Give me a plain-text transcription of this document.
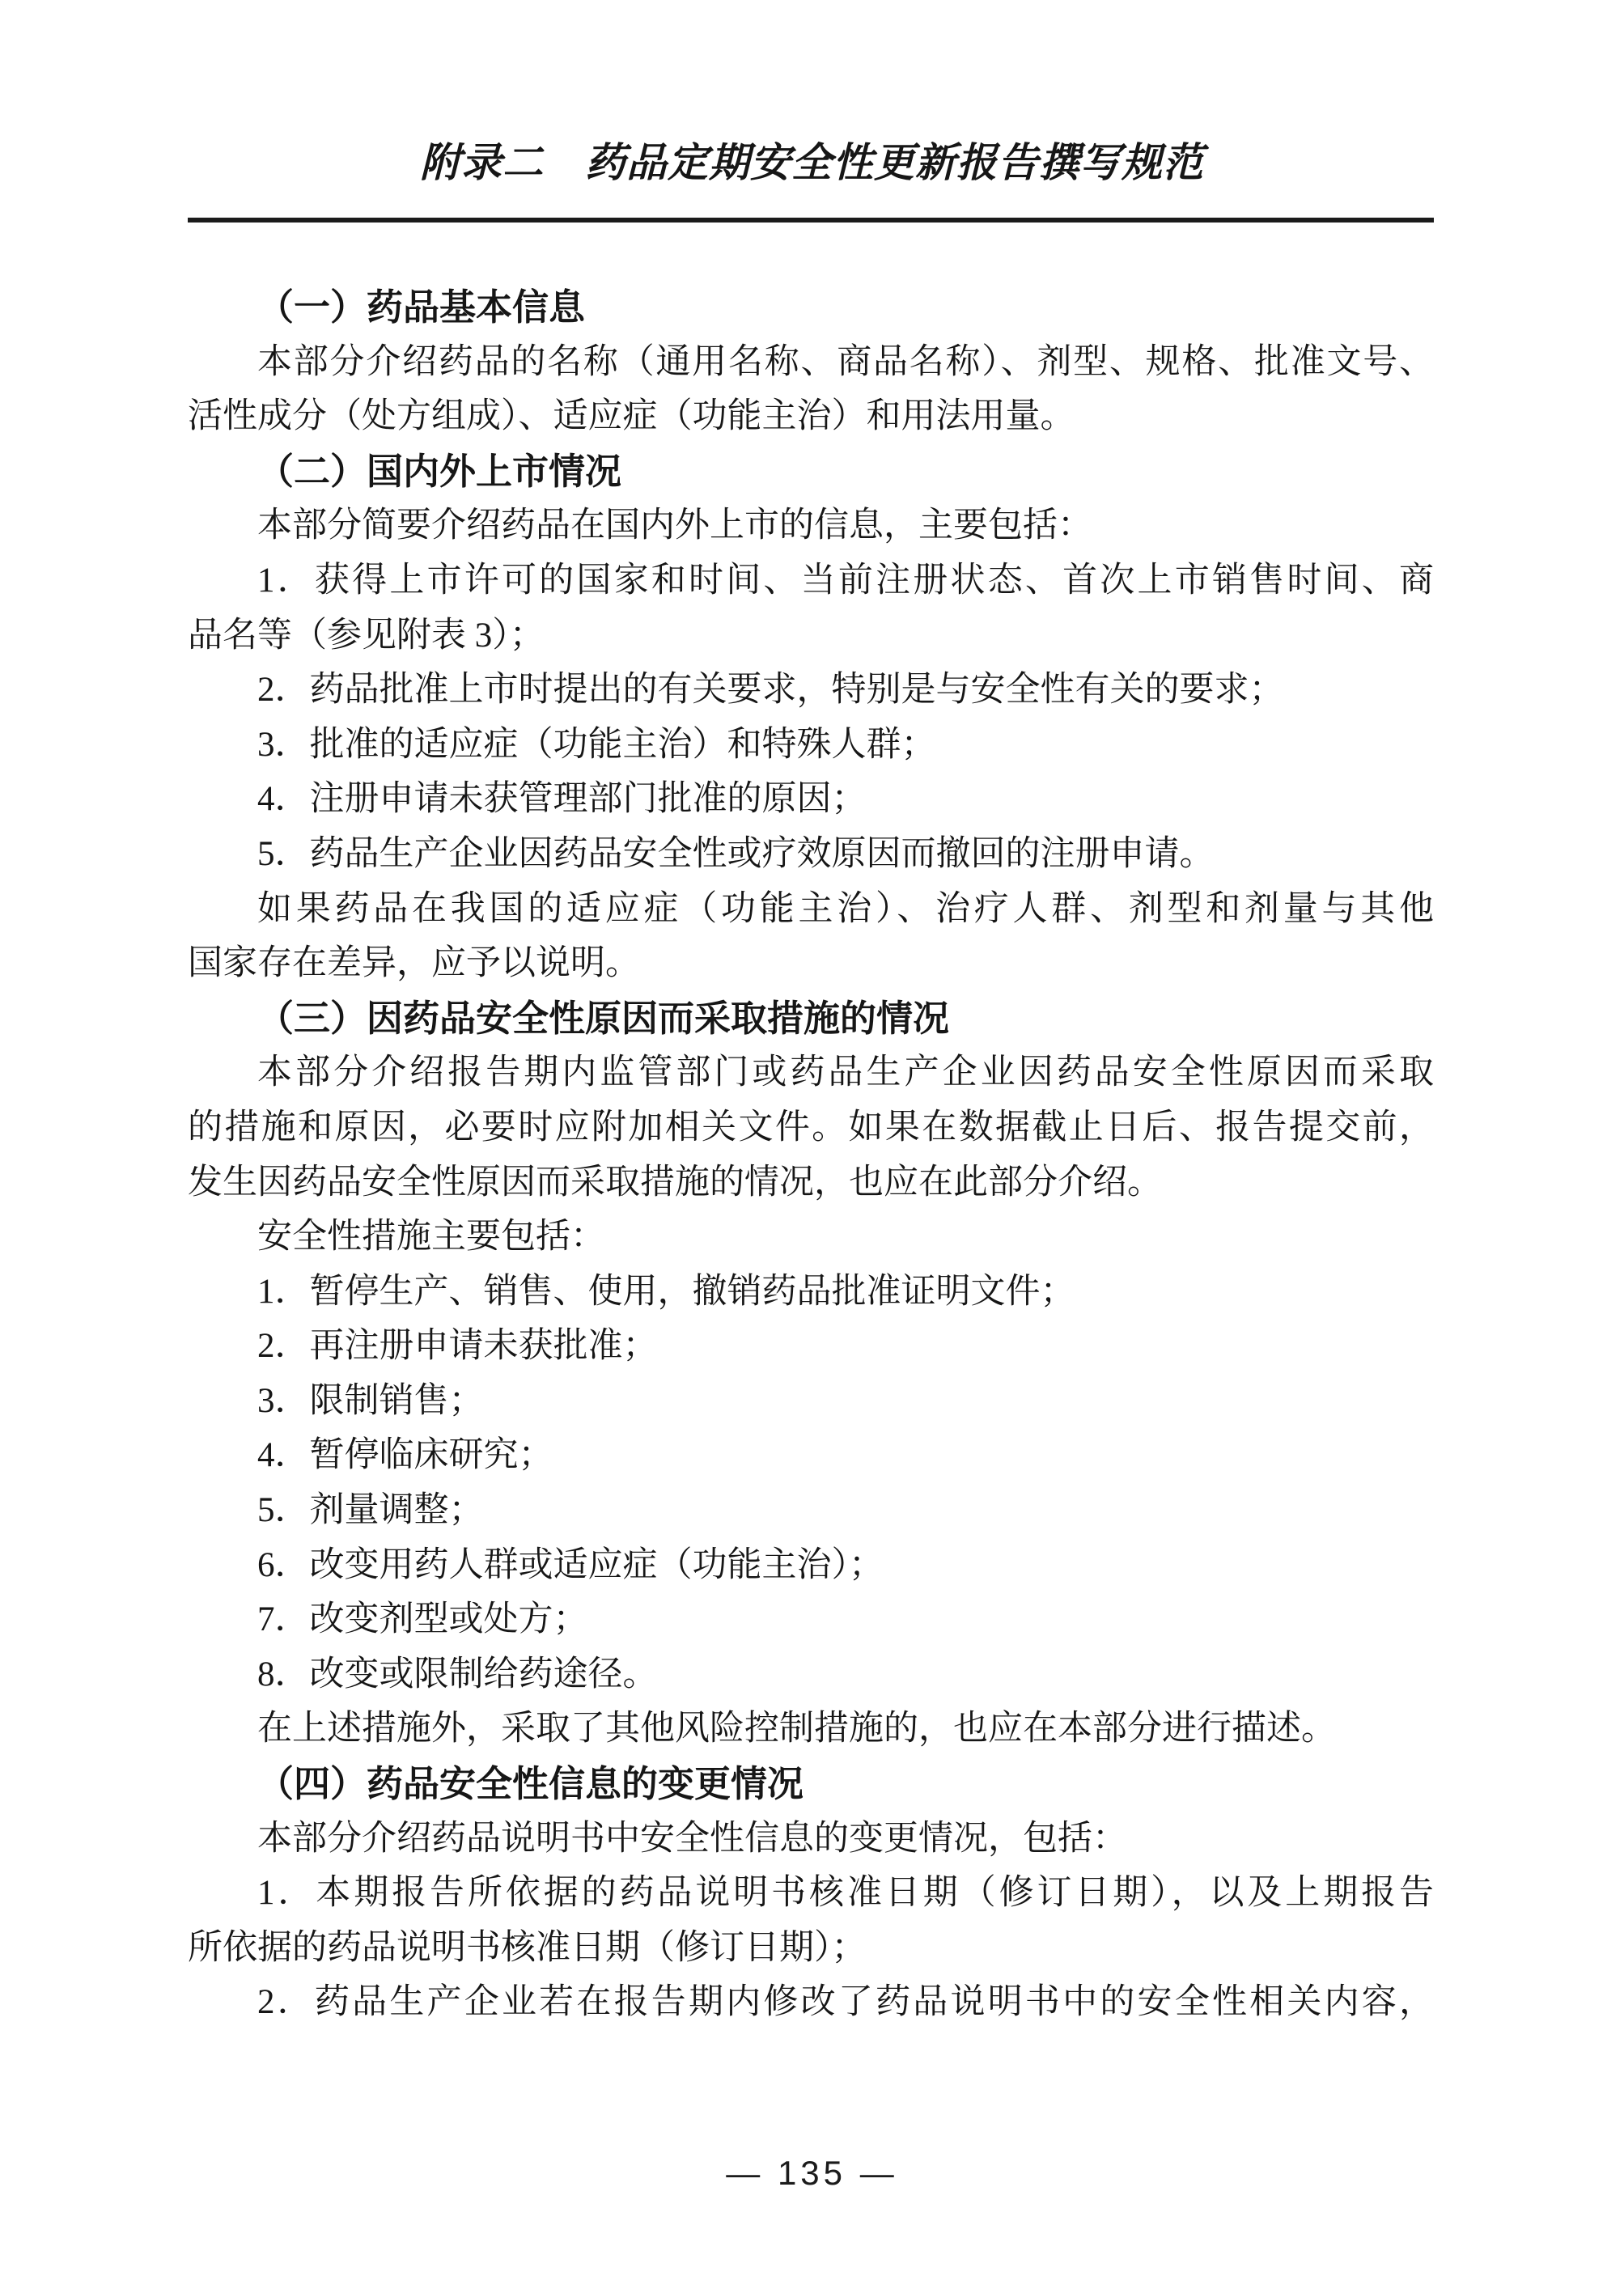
附录二　药品定期安全性更新报告撰写规范
（一）药品基本信息
本部分介绍药品的名称（通用名称、商品名称）、剂型、规格、批准文号、
活性成分（处方组成）、适应症（功能主治）和用法用量。
（二）国内外上市情况
本部分简要介绍药品在国内外上市的信息，主要包括：
1．获得上市许可的国家和时间、当前注册状态、首次上市销售时间、商
品名等（参见附表 3）；
2．药品批准上市时提出的有关要求，特别是与安全性有关的要求；
3．批准的适应症（功能主治）和特殊人群；
4．注册申请未获管理部门批准的原因；
5．药品生产企业因药品安全性或疗效原因而撤回的注册申请。
如果药品在我国的适应症（功能主治）、治疗人群、剂型和剂量与其他
国家存在差异，应予以说明。
（三）因药品安全性原因而采取措施的情况
本部分介绍报告期内监管部门或药品生产企业因药品安全性原因而采取
的措施和原因，必要时应附加相关文件。如果在数据截止日后、报告提交前，
发生因药品安全性原因而采取措施的情况，也应在此部分介绍。
安全性措施主要包括：
1．暂停生产、销售、使用，撤销药品批准证明文件；
2．再注册申请未获批准；
3．限制销售；
4．暂停临床研究；
5．剂量调整；
6．改变用药人群或适应症（功能主治）；
7．改变剂型或处方；
8．改变或限制给药途径。
在上述措施外，采取了其他风险控制措施的，也应在本部分进行描述。
（四）药品安全性信息的变更情况
本部分介绍药品说明书中安全性信息的变更情况，包括：
1．本期报告所依据的药品说明书核准日期（修订日期），以及上期报告
所依据的药品说明书核准日期（修订日期）；
2．药品生产企业若在报告期内修改了药品说明书中的安全性相关内容，
— 135 —
